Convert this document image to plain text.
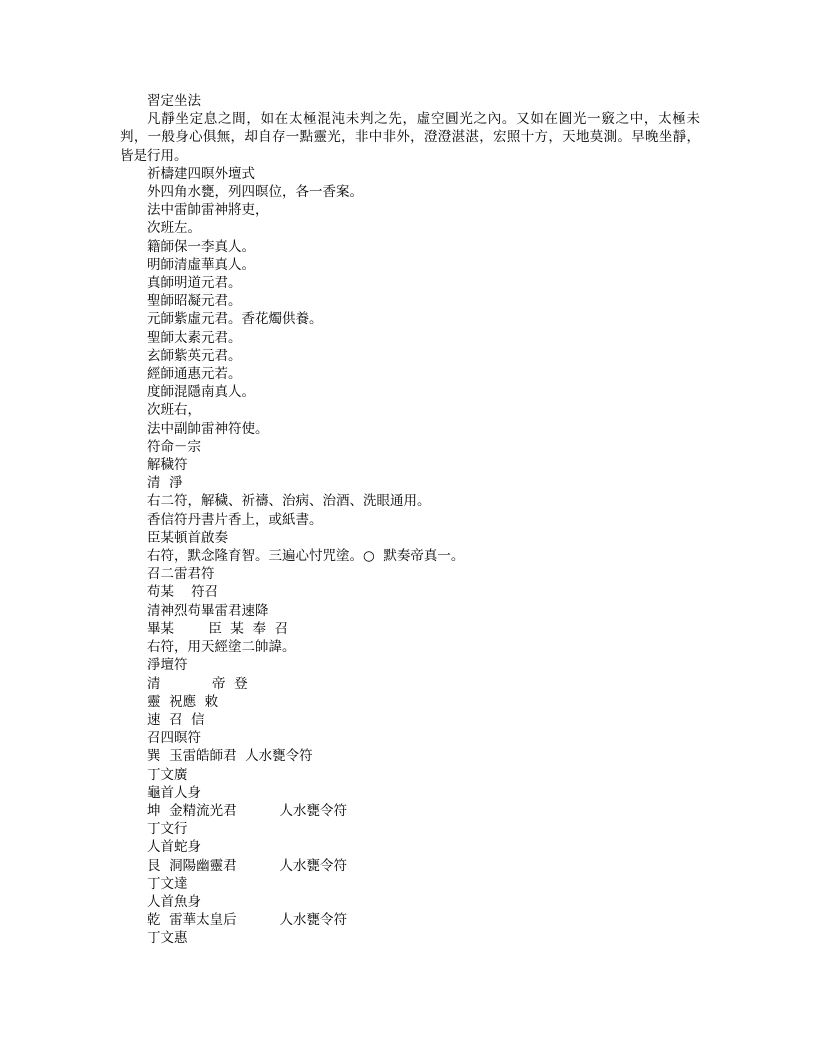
習定坐法
凡靜坐定息之間，如在太極混沌未判之先，虛空圓光之內。又如在圓光一竅之中，太極未判，一般身心俱無，却自存一點靈光，非中非外，澄澄湛湛，宏照十方，天地莫測。早晚坐靜，皆是行用。
祈檮建四暝外壇式
外四角水甕，列四暝位，各一香案。
法中雷帥雷神將吏，
次班左。
籍師保一李真人。
明師清虛華真人。
真師明道元君。
聖師昭凝元君。
元師紫虛元君。香花燭供養。
聖師太素元君。
玄師紫英元君。
經師通惠元若。
度師混隱南真人。
次班右，
法中副帥雷神符使。
符命－宗
解穢符
清  淨
右二符，解穢、祈禱、治病、治酒、洗眼通用。
香信符丹書片香上，或紙書。
臣某頓首啟奏
右符，默念隆育智。三遍心忖咒塗。○  默奏帝真一。
召二雷君符
苟某    符召
清神烈苟畢雷君速降
畢某        臣  某  奉  召
右符，用天經塗二帥諱。
淨壇符
清            帝  登
靈  祝應  敕
速  召  信
召四暝符
巽  玉雷皓師君  人水甕令符
丁文廣
龜首人身
坤  金精流光君          人水甕令符
丁文行
人首蛇身
艮  洞陽幽靈君          人水甕令符
丁文達
人首魚身
乾  雷華太皇后          人水甕令符
丁文惠
